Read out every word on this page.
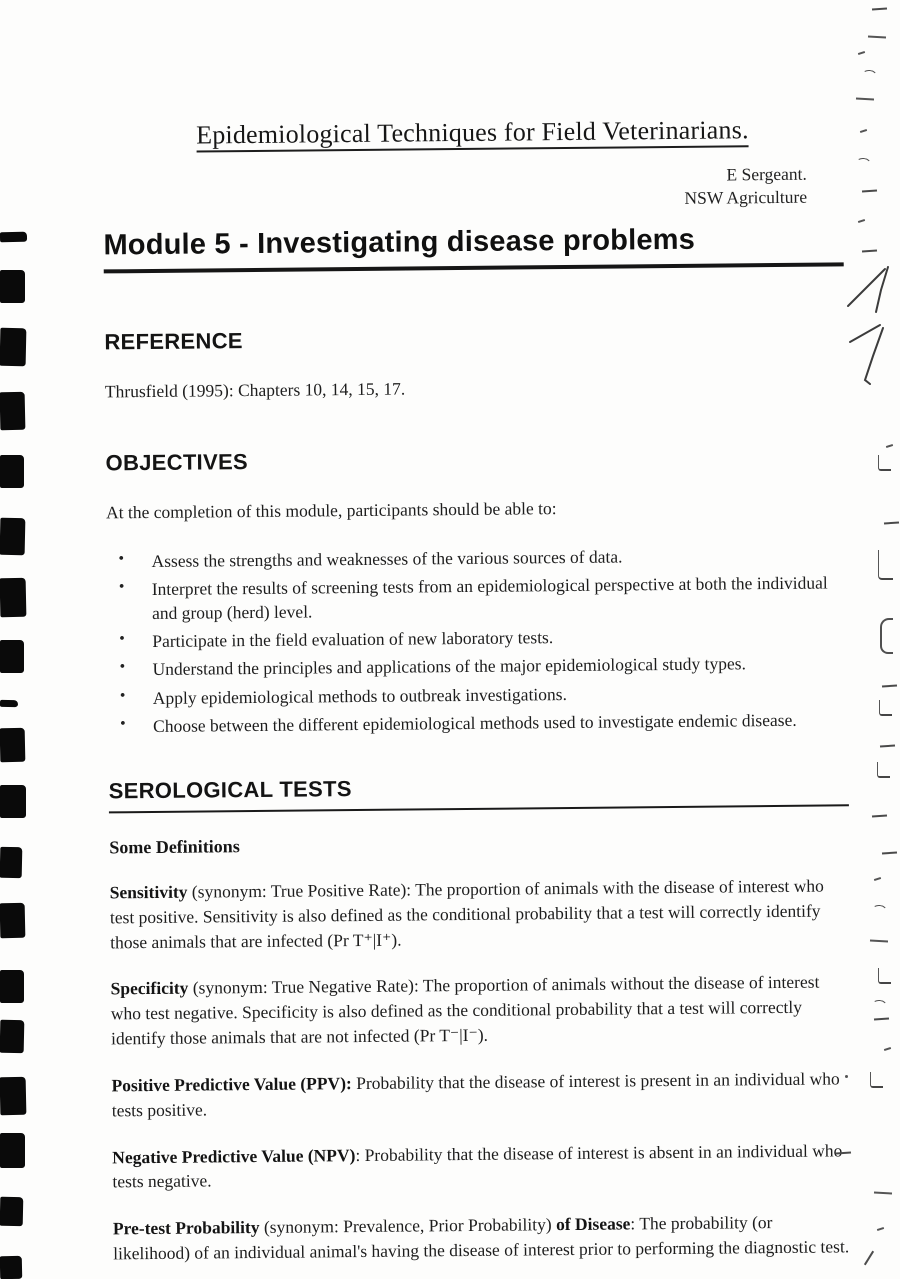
Epidemiological Techniques for Field Veterinarians.
E Sergeant.
NSW Agriculture
Module 5 - Investigating disease problems
REFERENCE

Thrusfield (1995): Chapters 10, 14, 15, 17.

OBJECTIVES

At the completion of this module, participants should be able to:

• Assess the strengths and weaknesses of the various sources of data.
• Interpret the results of screening tests from an epidemiological perspective at both the individual and group (herd) level.
• Participate in the field evaluation of new laboratory tests.
• Understand the principles and applications of the major epidemiological study types.
• Apply epidemiological methods to outbreak investigations.
• Choose between the different epidemiological methods used to investigate endemic disease.
SEROLOGICAL TESTS
Some Definitions

Sensitivity (synonym: True Positive Rate): The proportion of animals with the disease of interest who test positive. Sensitivity is also defined as the conditional probability that a test will correctly identify those animals that are infected (Pr T⁺|I⁺).

Specificity (synonym: True Negative Rate): The proportion of animals without the disease of interest who test negative. Specificity is also defined as the conditional probability that a test will correctly identify those animals that are not infected (Pr T⁻|I⁻).

Positive Predictive Value (PPV): Probability that the disease of interest is present in an individual who tests positive.

Negative Predictive Value (NPV): Probability that the disease of interest is absent in an individual who tests negative.

Pre-test Probability (synonym: Prevalence, Prior Probability) of Disease: The probability (or likelihood) of an individual animal's having the disease of interest prior to performing the diagnostic test.
